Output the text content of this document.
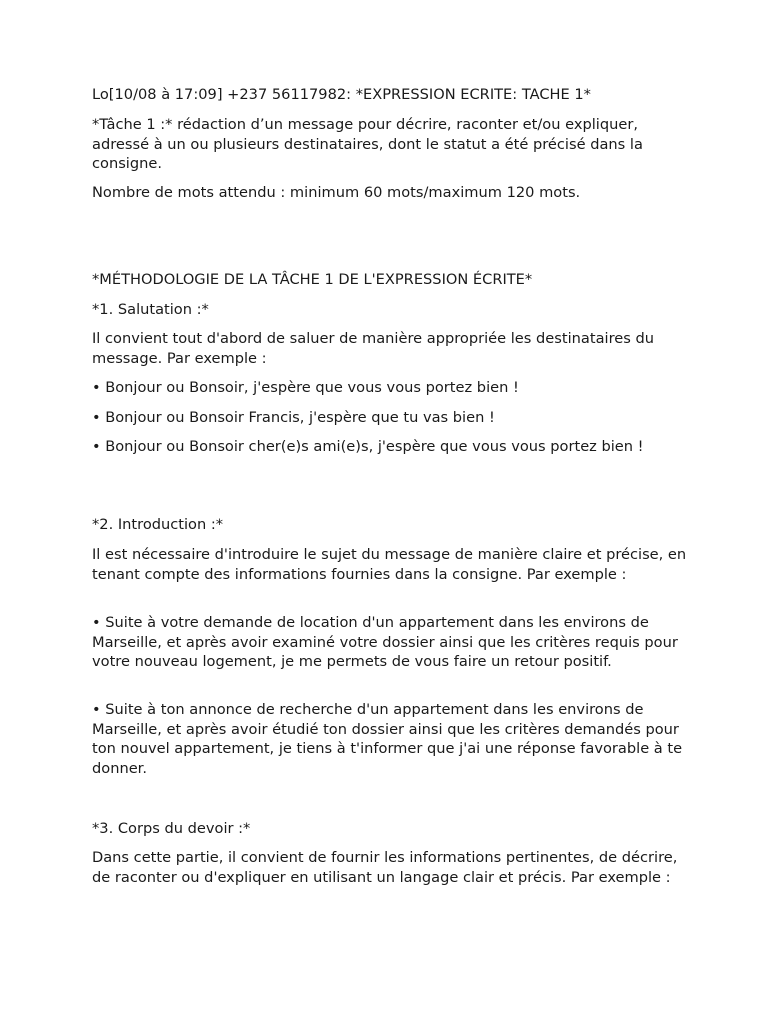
Lo[10/08 à 17:09] +237 56117982: *EXPRESSION ECRITE: TACHE 1*

*Tâche 1 :* rédaction d’un message pour décrire, raconter et/ou expliquer, adressé à un ou plusieurs destinataires, dont le statut a été précisé dans la consigne.

Nombre de mots attendu : minimum 60 mots/maximum 120 mots.

*MÉTHODOLOGIE DE LA TÂCHE 1 DE L'EXPRESSION ÉCRITE*

*1. Salutation :*

Il convient tout d'abord de saluer de manière appropriée les destinataires du message. Par exemple :

• Bonjour ou Bonsoir, j'espère que vous vous portez bien !

• Bonjour ou Bonsoir Francis, j'espère que tu vas bien !

• Bonjour ou Bonsoir cher(e)s ami(e)s, j'espère que vous vous portez bien !

*2. Introduction :*

Il est nécessaire d'introduire le sujet du message de manière claire et précise, en tenant compte des informations fournies dans la consigne. Par exemple :

• Suite à votre demande de location d'un appartement dans les environs de Marseille, et après avoir examiné votre dossier ainsi que les critères requis pour votre nouveau logement, je me permets de vous faire un retour positif.

• Suite à ton annonce de recherche d'un appartement dans les environs de Marseille, et après avoir étudié ton dossier ainsi que les critères demandés pour ton nouvel appartement, je tiens à t'informer que j'ai une réponse favorable à te donner.

*3. Corps du devoir :*

Dans cette partie, il convient de fournir les informations pertinentes, de décrire, de raconter ou d'expliquer en utilisant un langage clair et précis. Par exemple :
